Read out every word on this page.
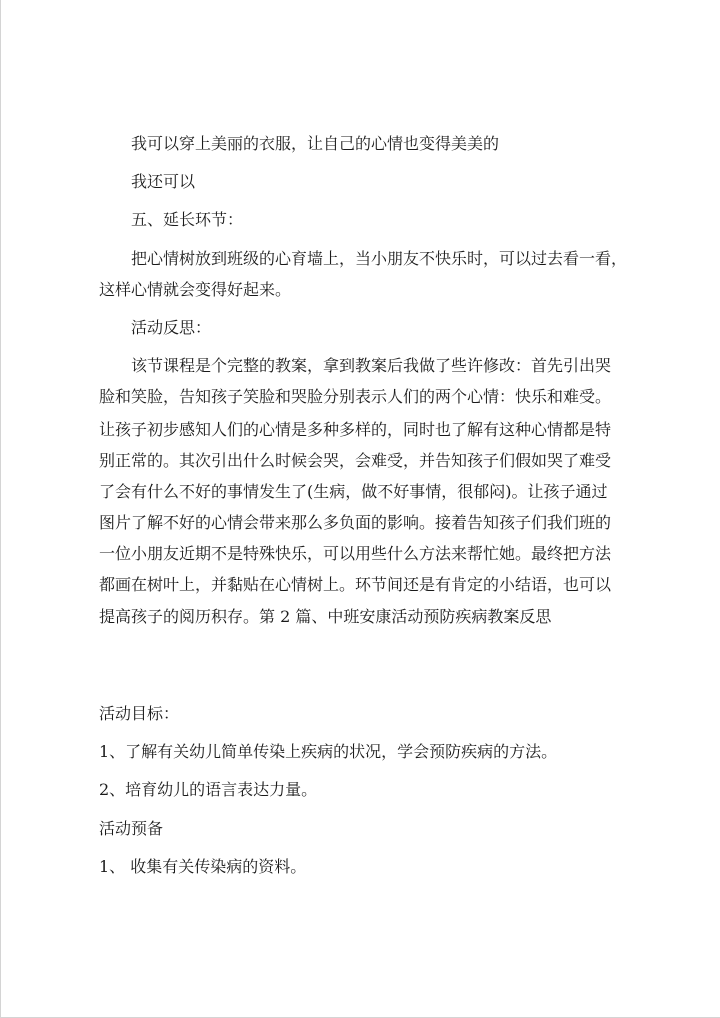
我可以穿上美丽的衣服，让自己的心情也变得美美的

我还可以

五、延长环节：

把心情树放到班级的心育墙上，当小朋友不快乐时，可以过去看一看，

这样心情就会变得好起来。

活动反思：

该节课程是个完整的教案，拿到教案后我做了些许修改：首先引出哭

脸和笑脸，告知孩子笑脸和哭脸分别表示人们的两个心情：快乐和难受。

让孩子初步感知人们的心情是多种多样的，同时也了解有这种心情都是特

别正常的。其次引出什么时候会哭，会难受，并告知孩子们假如哭了难受

了会有什么不好的事情发生了(生病，做不好事情，很郁闷)。让孩子通过

图片了解不好的心情会带来那么多负面的影响。接着告知孩子们我们班的

一位小朋友近期不是特殊快乐，可以用些什么方法来帮忙她。最终把方法

都画在树叶上，并黏贴在心情树上。环节间还是有肯定的小结语，也可以

提高孩子的阅历积存。第 2 篇、中班安康活动预防疾病教案反思

活动目标：

1、了解有关幼儿简单传染上疾病的状况，学会预防疾病的方法。

2、培育幼儿的语言表达力量。

活动预备

1、 收集有关传染病的资料。
